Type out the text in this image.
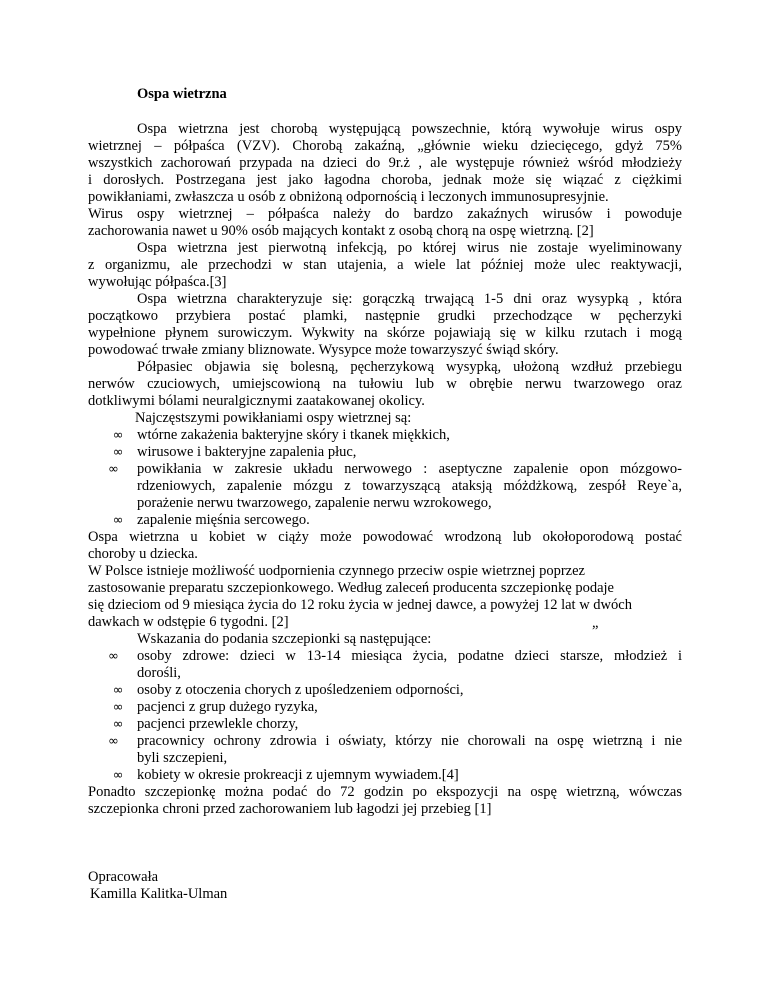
Ospa wietrzna
Ospa wietrzna jest chorobą występującą powszechnie, którą wywołuje wirus ospy
wietrznej – półpaśca (VZV). Chorobą zakaźną, „głównie wieku dziecięcego, gdyż 75%
wszystkich zachorowań przypada na dzieci do 9r.ż , ale występuje również wśród młodzieży
i dorosłych. Postrzegana jest jako łagodna choroba, jednak może się wiązać z ciężkimi
powikłaniami, zwłaszcza u osób z obniżoną odpornością i leczonych immunosupresyjnie.
Wirus ospy wietrznej – półpaśca należy do bardzo zakaźnych wirusów i powoduje
zachorowania nawet u 90% osób mających kontakt z osobą chorą na ospę wietrzną. [2]
Ospa wietrzna jest pierwotną infekcją, po której wirus nie zostaje wyeliminowany
z organizmu, ale przechodzi w stan utajenia, a wiele lat później może ulec reaktywacji,
wywołując półpaśca.[3]
Ospa wietrzna charakteryzuje się: gorączką trwającą 1-5 dni oraz wysypką , która
początkowo przybiera postać plamki, następnie grudki przechodzące w pęcherzyki
wypełnione płynem surowiczym. Wykwity na skórze pojawiają się w kilku rzutach i mogą
powodować trwałe zmiany bliznowate. Wysypce może towarzyszyć świąd skóry.
Półpasiec objawia się bolesną, pęcherzykową wysypką, ułożoną wzdłuż przebiegu
nerwów czuciowych, umiejscowioną na tułowiu lub w obrębie nerwu twarzowego oraz
dotkliwymi bólami neuralgicznymi zaatakowanej okolicy.
Najczęstszymi powikłaniami ospy wietrznej są:
∞ wtórne zakażenia bakteryjne skóry i tkanek miękkich,
∞ wirusowe i bakteryjne zapalenia płuc,
∞	powikłania w zakresie układu nerwowego : aseptyczne zapalenie opon mózgowo-
rdzeniowych, zapalenie mózgu z towarzyszącą ataksją móżdżkową, zespół Reye`a,
porażenie nerwu twarzowego, zapalenie nerwu wzrokowego,
∞ zapalenie mięśnia sercowego.
Ospa wietrzna u kobiet w ciąży może powodować wrodzoną lub okołoporodową postać
choroby u dziecka.
W Polsce istnieje możliwość uodpornienia czynnego przeciw ospie wietrznej poprzez
zastosowanie preparatu szczepionkowego. Według zaleceń producenta szczepionkę podaje
się dzieciom od 9 miesiąca życia do 12 roku życia w jednej dawce, a powyżej 12 lat w dwóch
dawkach w odstępie 6 tygodni. [2]	„
Wskazania do podania szczepionki są następujące:
∞	osoby zdrowe: dzieci w 13-14 miesiąca życia, podatne dzieci starsze, młodzież i
dorośli,
∞ osoby z otoczenia chorych z upośledzeniem odporności,
∞ pacjenci z grup dużego ryzyka,
∞ pacjenci przewlekle chorzy,
∞	pracownicy ochrony zdrowia i oświaty, którzy nie chorowali na ospę wietrzną i nie
byli szczepieni,
∞ kobiety w okresie prokreacji z ujemnym wywiadem.[4]
Ponadto szczepionkę można podać do 72 godzin po ekspozycji na ospę wietrzną, wówczas
szczepionka chroni przed zachorowaniem lub łagodzi jej przebieg [1]
Opracowała
Kamilla Kalitka-Ulman
